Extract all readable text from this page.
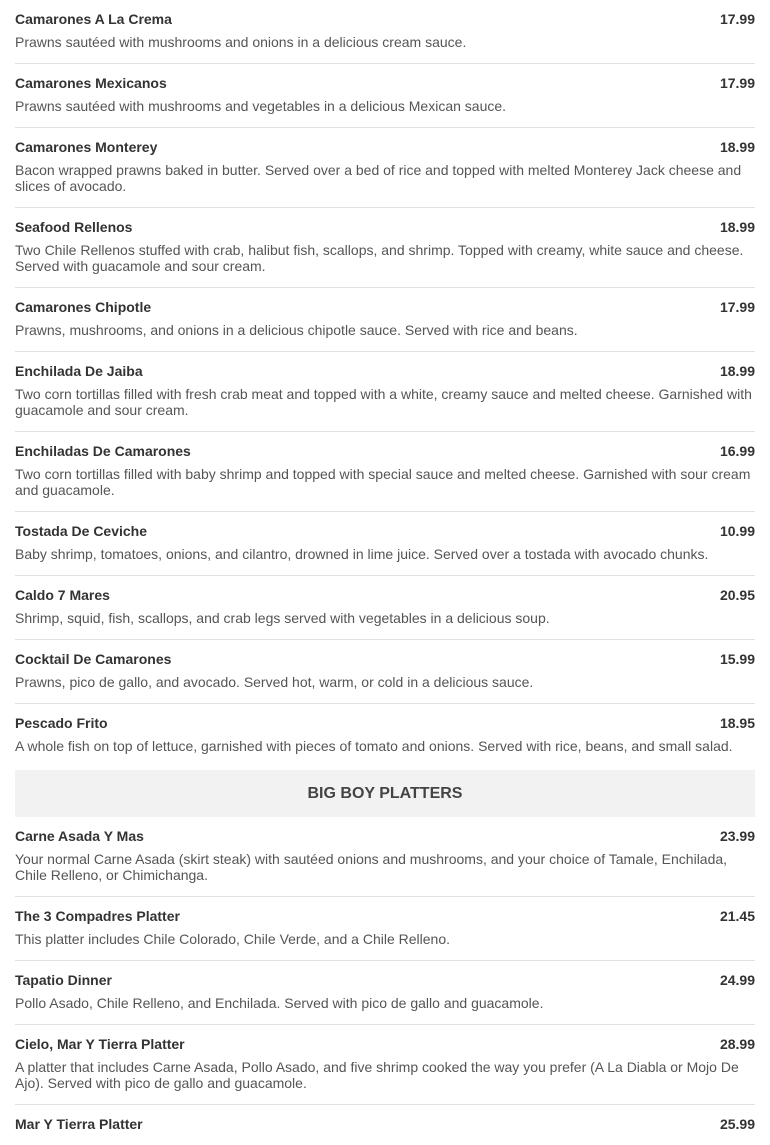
Camarones A La Crema	17.99
Prawns sautéed with mushrooms and onions in a delicious cream sauce.
Camarones Mexicanos	17.99
Prawns sautéed with mushrooms and vegetables in a delicious Mexican sauce.
Camarones Monterey	18.99
Bacon wrapped prawns baked in butter. Served over a bed of rice and topped with melted Monterey Jack cheese and slices of avocado.
Seafood Rellenos	18.99
Two Chile Rellenos stuffed with crab, halibut fish, scallops, and shrimp. Topped with creamy, white sauce and cheese. Served with guacamole and sour cream.
Camarones Chipotle	17.99
Prawns, mushrooms, and onions in a delicious chipotle sauce. Served with rice and beans.
Enchilada De Jaiba	18.99
Two corn tortillas filled with fresh crab meat and topped with a white, creamy sauce and melted cheese. Garnished with guacamole and sour cream.
Enchiladas De Camarones	16.99
Two corn tortillas filled with baby shrimp and topped with special sauce and melted cheese. Garnished with sour cream and guacamole.
Tostada De Ceviche	10.99
Baby shrimp, tomatoes, onions, and cilantro, drowned in lime juice. Served over a tostada with avocado chunks.
Caldo 7 Mares	20.95
Shrimp, squid, fish, scallops, and crab legs served with vegetables in a delicious soup.
Cocktail De Camarones	15.99
Prawns, pico de gallo, and avocado. Served hot, warm, or cold in a delicious sauce.
Pescado Frito	18.95
A whole fish on top of lettuce, garnished with pieces of tomato and onions. Served with rice, beans, and small salad.
BIG BOY PLATTERS
Carne Asada Y Mas	23.99
Your normal Carne Asada (skirt steak) with sautéed onions and mushrooms, and your choice of Tamale, Enchilada, Chile Relleno, or Chimichanga.
The 3 Compadres Platter	21.45
This platter includes Chile Colorado, Chile Verde, and a Chile Relleno.
Tapatio Dinner	24.99
Pollo Asado, Chile Relleno, and Enchilada. Served with pico de gallo and guacamole.
Cielo, Mar Y Tierra Platter	28.99
A platter that includes Carne Asada, Pollo Asado, and five shrimp cooked the way you prefer (A La Diabla or Mojo De Ajo). Served with pico de gallo and guacamole.
Mar Y Tierra Platter	25.99
